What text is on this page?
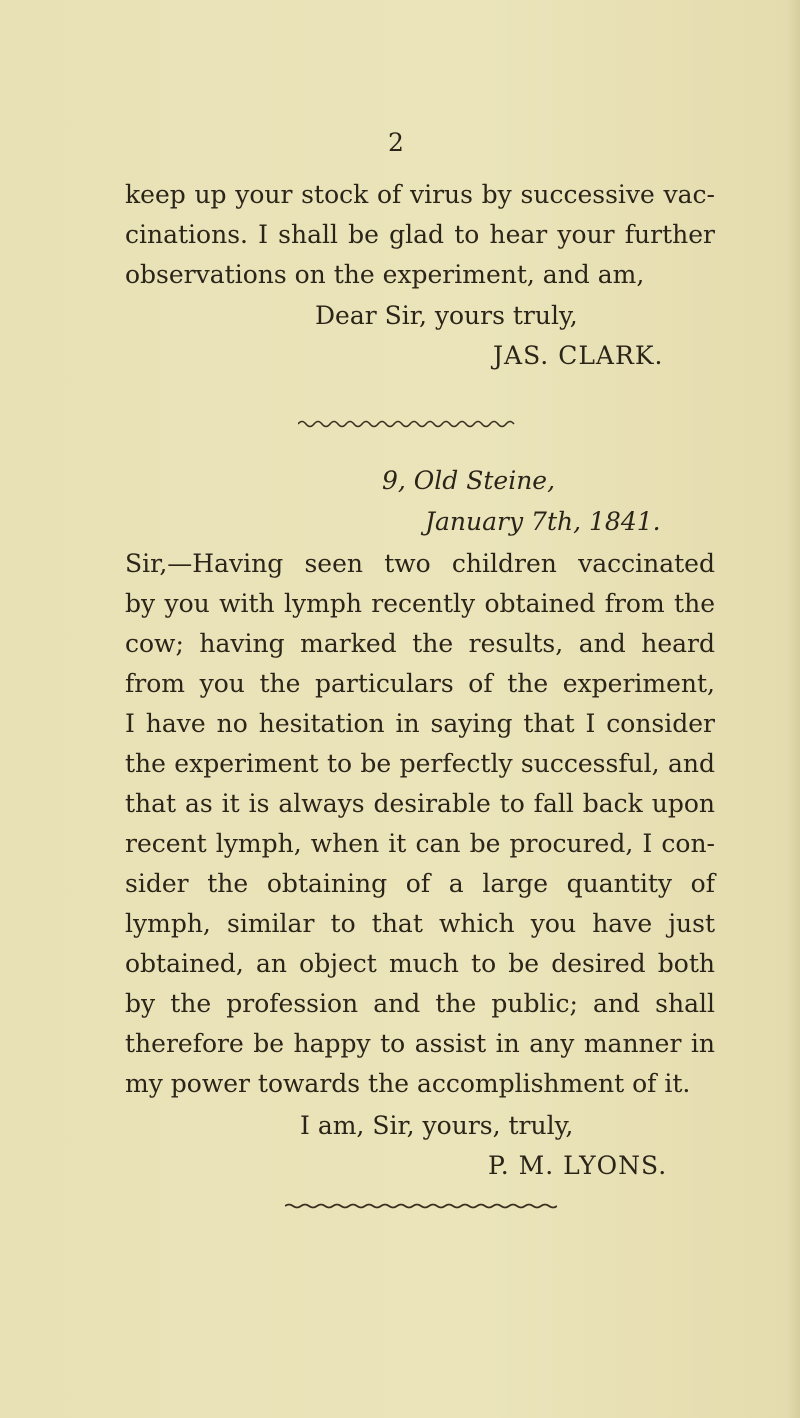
2
keep up your stock of virus by successive vac-
cinations. I shall be glad to hear your further
observations on the experiment, and am,
Dear Sir, yours truly,
JAS. CLARK.
9, Old Steine,
January 7th, 1841.
Sir,—Having seen two children vaccinated
by you with lymph recently obtained from the
cow; having marked the results, and heard
from you the particulars of the experiment,
I have no hesitation in saying that I consider
the experiment to be perfectly successful, and
that as it is always desirable to fall back upon
recent lymph, when it can be procured, I con-
sider the obtaining of a large quantity of
lymph, similar to that which you have just
obtained, an object much to be desired both
by the profession and the public; and shall
therefore be happy to assist in any manner in
my power towards the accomplishment of it.
I am, Sir, yours, truly,
P. M. LYONS.
